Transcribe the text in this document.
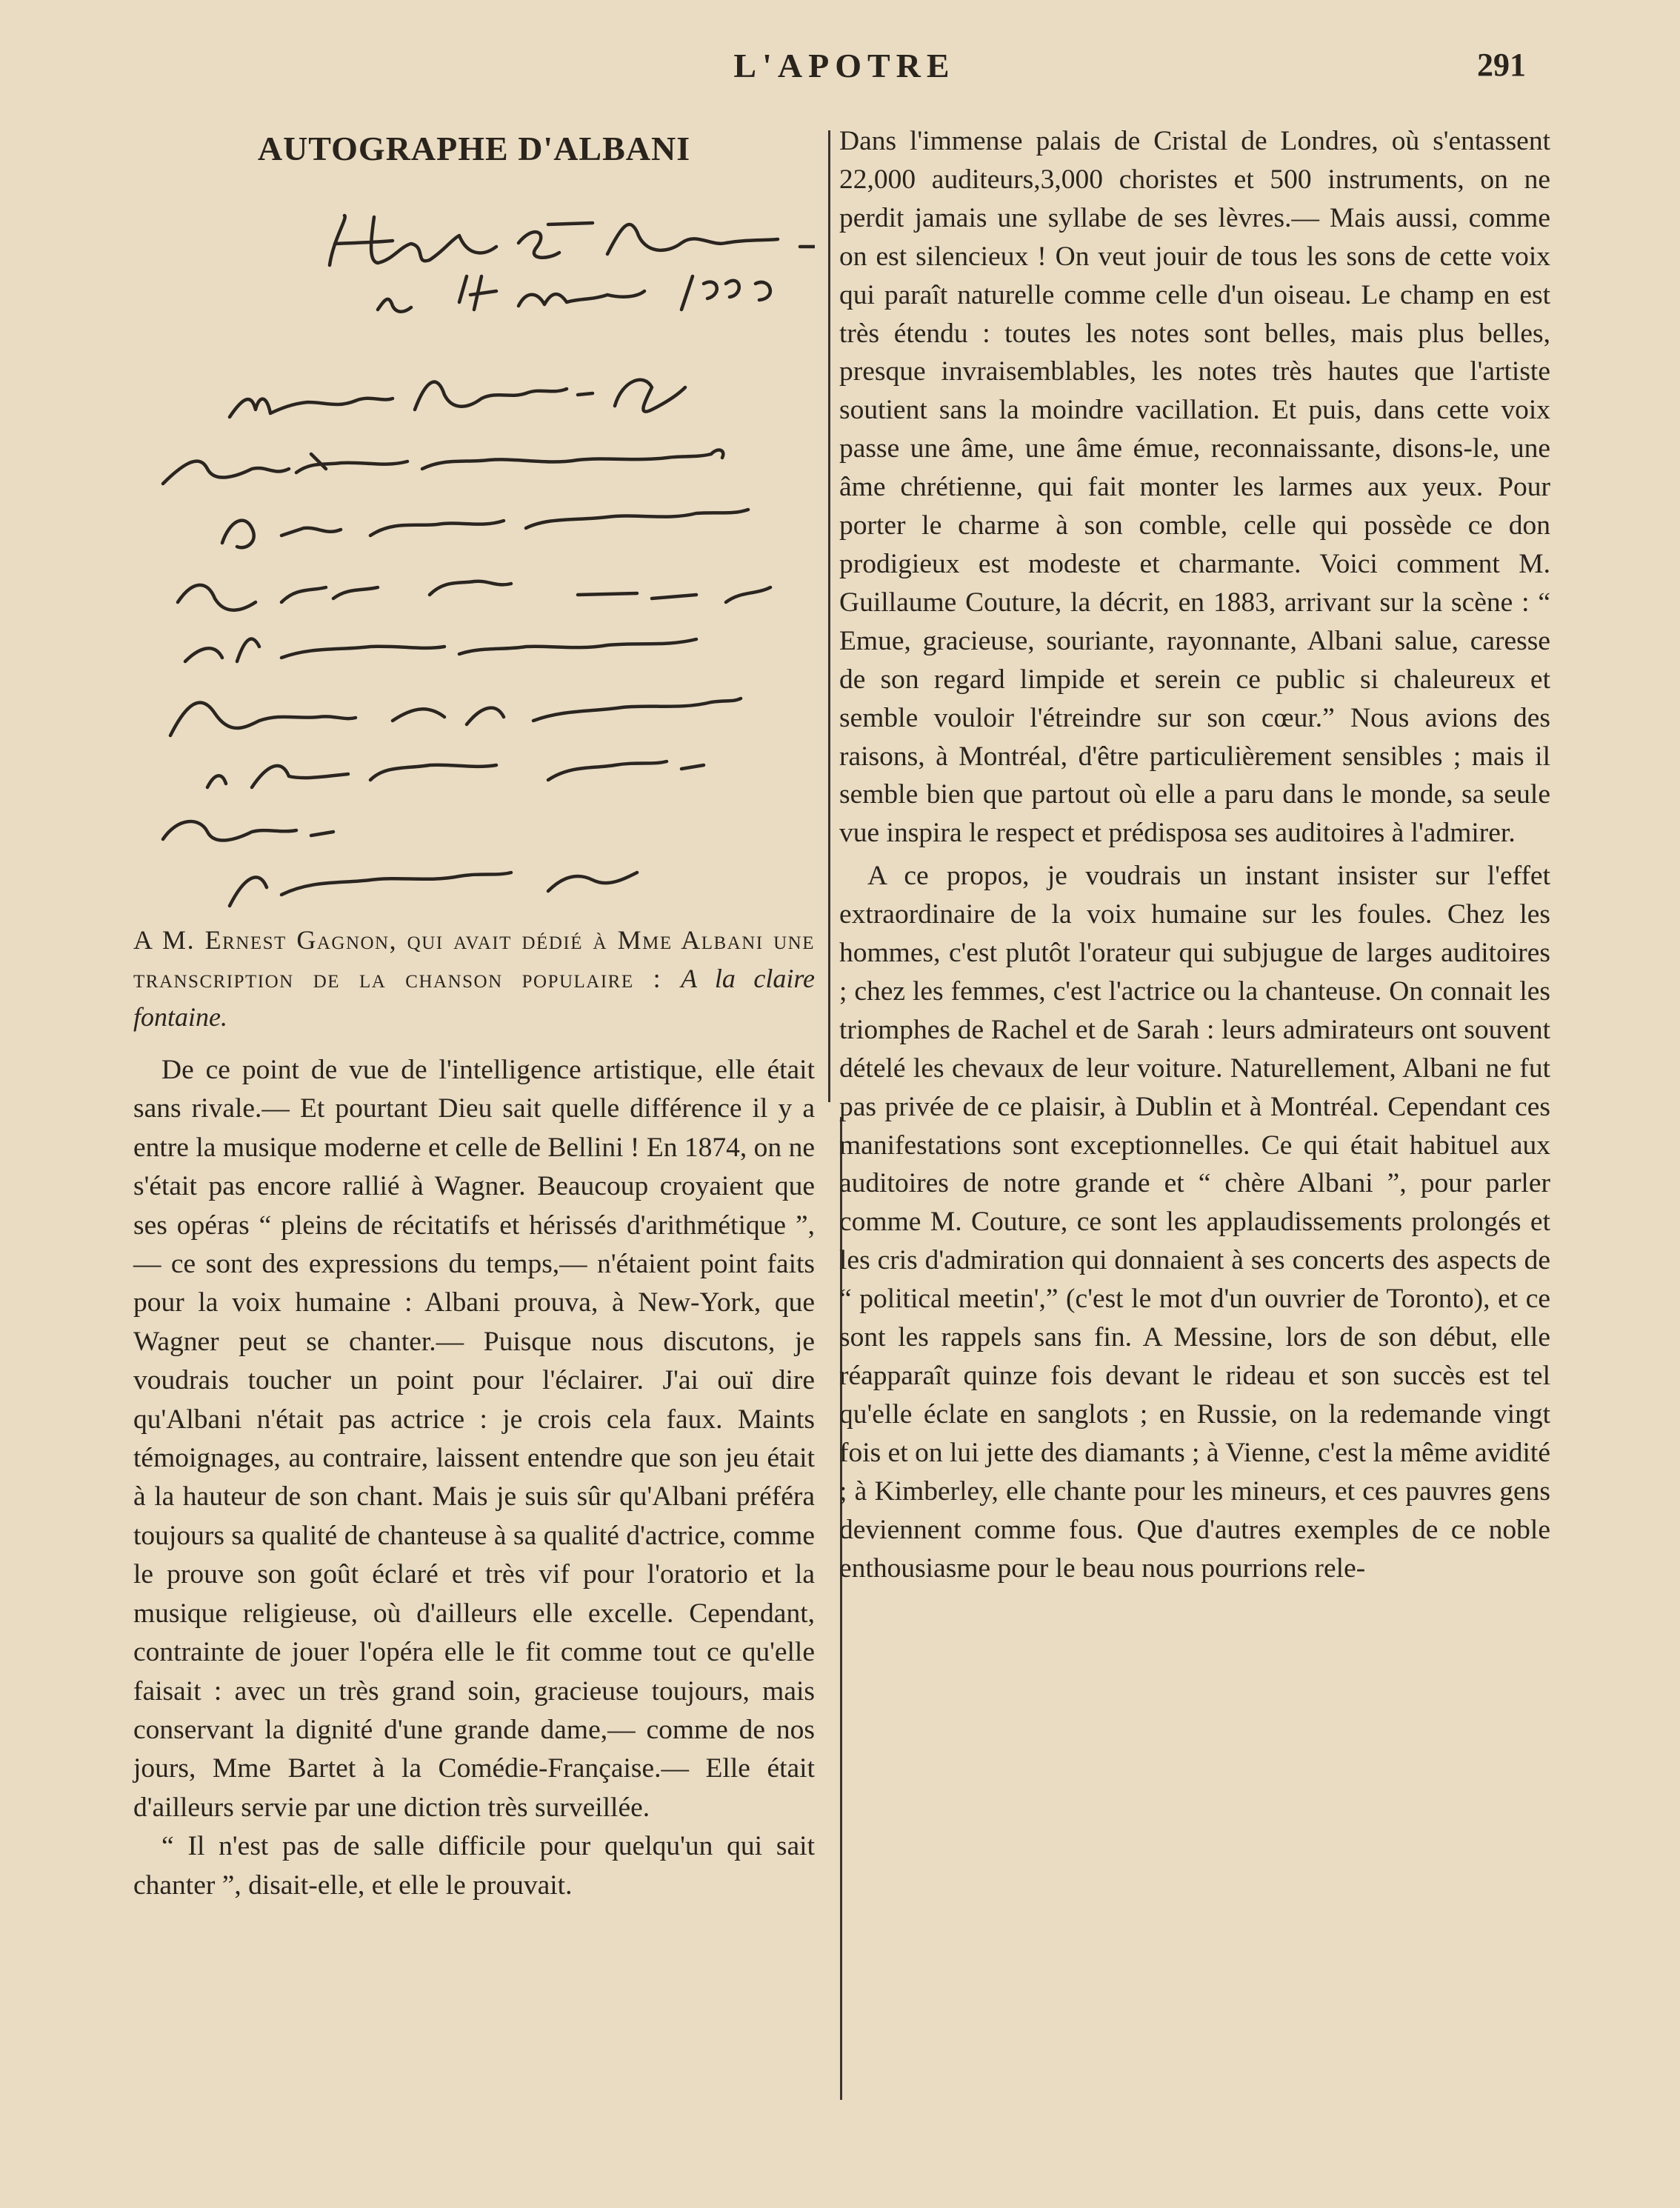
L'APOTRE	291
AUTOGRAPHE D'ALBANI
A M. Ernest Gagnon, qui avait dédié à Mme Albani une transcription de la chanson populaire : A la claire fontaine.

De ce point de vue de l'intelligence artistique, elle était sans rivale.— Et pourtant Dieu sait quelle différence il y a entre la musique moderne et celle de Bellini ! En 1874, on ne s'était pas encore rallié à Wagner. Beaucoup croyaient que ses opéras “ pleins de récitatifs et hérissés d'arithmétique ”,— ce sont des expressions du temps,— n'étaient point faits pour la voix humaine : Albani prouva, à New-York, que Wagner peut se chanter.— Puisque nous discutons, je voudrais toucher un point pour l'éclairer. J'ai ouï dire qu'Albani n'était pas actrice : je crois cela faux. Maints témoignages, au contraire, laissent entendre que son jeu était à la hauteur de son chant. Mais je suis sûr qu'Albani préféra toujours sa qualité de chanteuse à sa qualité d'actrice, comme le prouve son goût éclaré et très vif pour l'oratorio et la musique religieuse, où d'ailleurs elle excelle. Cependant, contrainte de jouer l'opéra elle le fit comme tout ce qu'elle faisait : avec un très grand soin, gracieuse toujours, mais conservant la dignité d'une grande dame,— comme de nos jours, Mme Bartet à la Comédie-Française.— Elle était d'ailleurs servie par une diction très surveillée.

“ Il n'est pas de salle difficile pour quelqu'un qui sait chanter ”, disait-elle, et elle le prouvait.

Dans l'immense palais de Cristal de Londres, où s'entassent 22,000 auditeurs,3,000 choristes et 500 instruments, on ne perdit jamais une syllabe de ses lèvres.— Mais aussi, comme on est silencieux ! On veut jouir de tous les sons de cette voix qui paraît naturelle comme celle d'un oiseau. Le champ en est très étendu : toutes les notes sont belles, mais plus belles, presque invraisemblables, les notes très hautes que l'artiste soutient sans la moindre vacillation. Et puis, dans cette voix passe une âme, une âme émue, reconnaissante, disons-le, une âme chrétienne, qui fait monter les larmes aux yeux. Pour porter le charme à son comble, celle qui possède ce don prodigieux est modeste et charmante. Voici comment M. Guillaume Couture, la décrit, en 1883, arrivant sur la scène : “ Emue, gracieuse, souriante, rayonnante, Albani salue, caresse de son regard limpide et serein ce public si chaleureux et semble vouloir l'étreindre sur son cœur.” Nous avions des raisons, à Montréal, d'être particulièrement sensibles ; mais il semble bien que partout où elle a paru dans le monde, sa seule vue inspira le respect et prédisposa ses auditoires à l'admirer.

A ce propos, je voudrais un instant insister sur l'effet extraordinaire de la voix humaine sur les foules. Chez les hommes, c'est plutôt l'orateur qui subjugue de larges auditoires ; chez les femmes, c'est l'actrice ou la chanteuse. On connait les triomphes de Rachel et de Sarah : leurs admirateurs ont souvent dételé les chevaux de leur voiture. Naturellement, Albani ne fut pas privée de ce plaisir, à Dublin et à Montréal. Cependant ces manifestations sont exceptionnelles. Ce qui était habituel aux auditoires de notre grande et “ chère Albani ”, pour parler comme M. Couture, ce sont les applaudissements prolongés et les cris d'admiration qui donnaient à ses concerts des aspects de “ political meetin',” (c'est le mot d'un ouvrier de Toronto), et ce sont les rappels sans fin. A Messine, lors de son début, elle réapparaît quinze fois devant le rideau et son succès est tel qu'elle éclate en sanglots ; en Russie, on la redemande vingt fois et on lui jette des diamants ; à Vienne, c'est la même avidité ; à Kimberley, elle chante pour les mineurs, et ces pauvres gens deviennent comme fous. Que d'autres exemples de ce noble enthousiasme pour le beau nous pourrions rele-
